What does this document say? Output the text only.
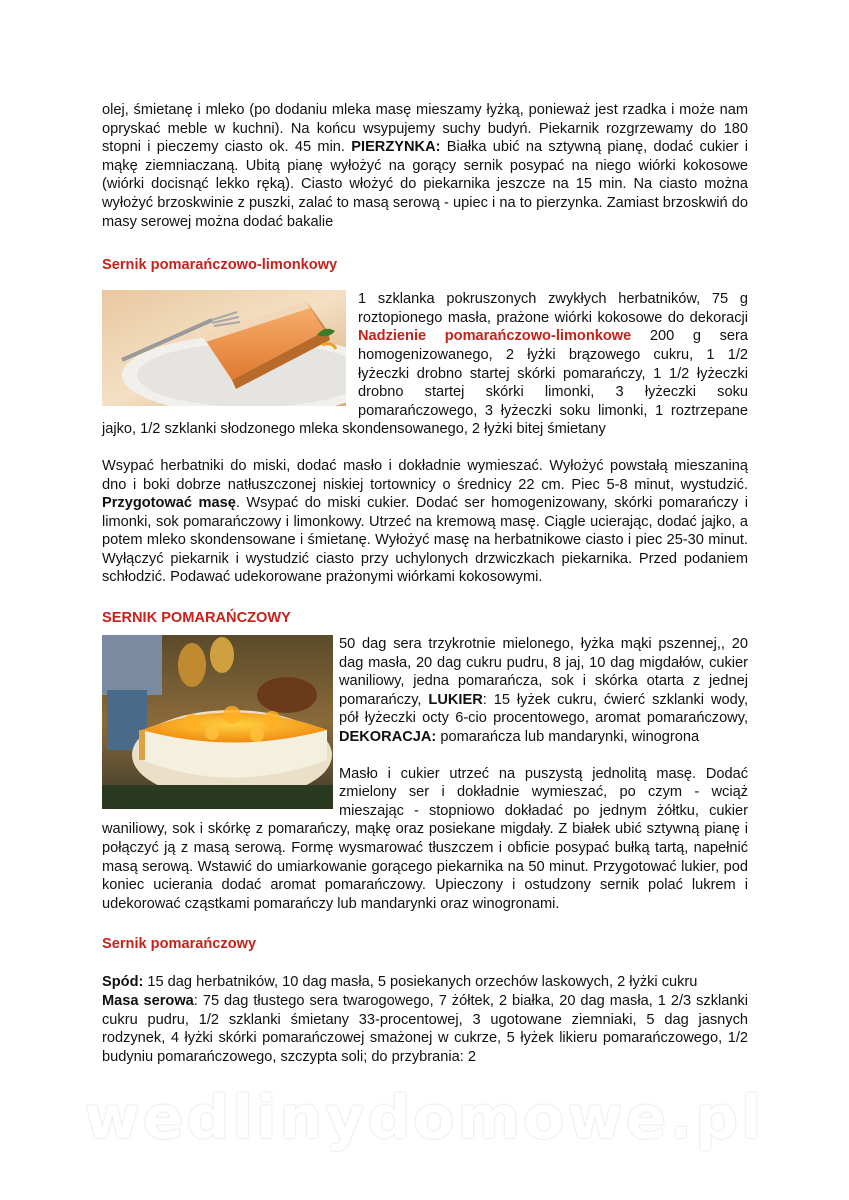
olej, śmietanę i mleko (po dodaniu mleka masę mieszamy łyżką, ponieważ jest rzadka i może nam opryskać meble w kuchni). Na końcu wsypujemy suchy budyń. Piekarnik rozgrzewamy do 180 stopni i pieczemy ciasto ok. 45 min. PIERZYNKA: Białka ubić na sztywną pianę, dodać cukier i mąkę ziemniaczaną. Ubitą pianę wyłożyć na gorący sernik posypać na niego wiórki kokosowe (wiórki docisnąć lekko ręką). Ciasto włożyć do piekarnika jeszcze na 15 min. Na ciasto można wyłożyć brzoskwinie z puszki, zalać to masą serową - upiec i na to pierzynka. Zamiast brzoskwiń do masy serowej można dodać bakalie

Sernik pomarańczowo-limonkowy

1 szklanka pokruszonych zwykłych herbatników, 75 g roztopionego masła, prażone wiórki kokosowe do dekoracji Nadzienie pomarańczowo-limonkowe 200 g sera homogenizowanego, 2 łyżki brązowego cukru, 1 1/2 łyżeczki drobno startej skórki pomarańczy, 1 1/2 łyżeczki drobno startej skórki limonki, 3 łyżeczki soku pomarańczowego, 3 łyżeczki soku limonki, 1 roztrzepane jajko, 1/2 szklanki słodzonego mleka skondensowanego, 2 łyżki bitej śmietany

Wsypać herbatniki do miski, dodać masło i dokładnie wymieszać. Wyłożyć powstałą mieszaniną dno i boki dobrze natłuszczonej niskiej tortownicy o średnicy 22 cm. Piec 5-8 minut, wystudzić. Przygotować masę. Wsypać do miski cukier. Dodać ser homogenizowany, skórki pomarańczy i limonki, sok pomarańczowy i limonkowy. Utrzeć na kremową masę. Ciągle ucierając, dodać jajko, a potem mleko skondensowane i śmietanę. Wyłożyć masę na herbatnikowe ciasto i piec 25-30 minut. Wyłączyć piekarnik i wystudzić ciasto przy uchylonych drzwiczkach piekarnika. Przed podaniem schłodzić. Podawać udekorowane prażonymi wiórkami kokosowymi.

SERNIK POMARAŃCZOWY

50 dag sera trzykrotnie mielonego, łyżka mąki pszennej,, 20 dag masła, 20 dag cukru pudru, 8 jaj, 10 dag migdałów, cukier waniliowy, jedna pomarańcza, sok i skórka otarta z jednej pomarańczy, LUKIER: 15 łyżek cukru, ćwierć szklanki wody, pół łyżeczki octy 6-cio procentowego, aromat pomarańczowy, DEKORACJA: pomarańcza lub mandarynki, winogrona

Masło i cukier utrzeć na puszystą jednolitą masę. Dodać zmielony ser i dokładnie wymieszać, po czym - wciąż mieszając - stopniowo dokładać po jednym żółtku, cukier waniliowy, sok i skórkę z pomarańczy, mąkę oraz posiekane migdały. Z białek ubić sztywną pianę i połączyć ją z masą serową. Formę wysmarować tłuszczem i obficie posypać bułką tartą, napełnić masą serową. Wstawić do umiarkowanie gorącego piekarnika na 50 minut. Przygotować lukier, pod koniec ucierania dodać aromat pomarańczowy. Upieczony i ostudzony sernik polać lukrem i udekorować cząstkami pomarańczy lub mandarynki oraz winogronami.

Sernik pomarańczowy

Spód: 15 dag herbatników, 10 dag masła, 5 posiekanych orzechów laskowych, 2 łyżki cukru
Masa serowa: 75 dag tłustego sera twarogowego, 7 żółtek, 2 białka, 20 dag masła, 1 2/3 szklanki cukru pudru, 1/2 szklanki śmietany 33-procentowej, 3 ugotowane ziemniaki, 5 dag jasnych rodzynek, 4 łyżki skórki pomarańczowej smażonej w cukrze, 5 łyżek likieru pomarańczowego, 1/2 budyniu pomarańczowego, szczypta soli; do przybrania: 2

wedlinydomowe.pl
